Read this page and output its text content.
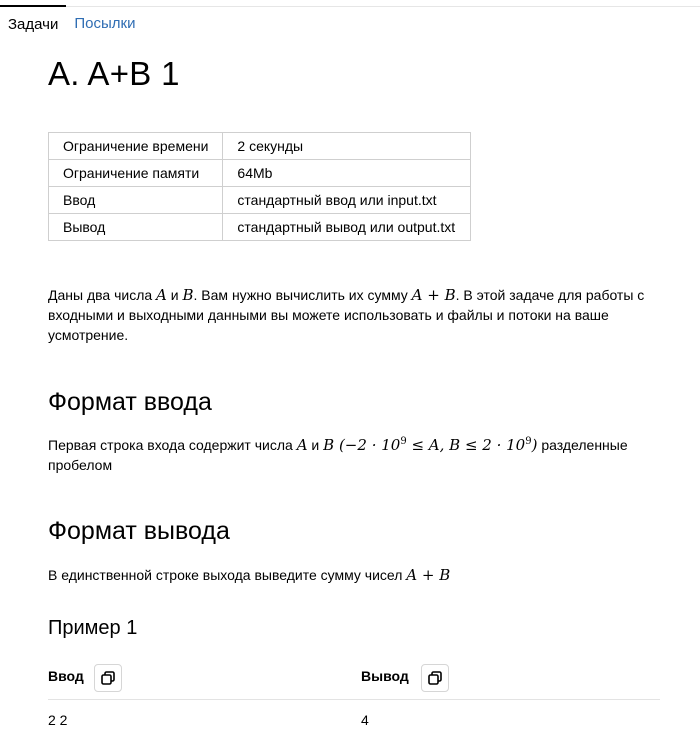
Задачи	Посылки
A. A+B 1
Ограничение времени	2 секунды
Ограничение памяти	64Mb
Ввод	стандартный ввод или input.txt
Вывод	стандартный вывод или output.txt

Даны два числа A и B. Вам нужно вычислить их сумму A + B. В этой задаче для работы с входными и выходными данными вы можете использовать и файлы и потоки на ваше усмотрение.

Формат ввода

Первая строка входа содержит числа A и B ($-2 \cdot 10^9 \le A$, $B \le 2 \cdot 10^9$) разделенные пробелом

Формат вывода

В единственной строке выхода выведите сумму чисел A + B

Пример 1
Ввод	Вывод
2 2	4
